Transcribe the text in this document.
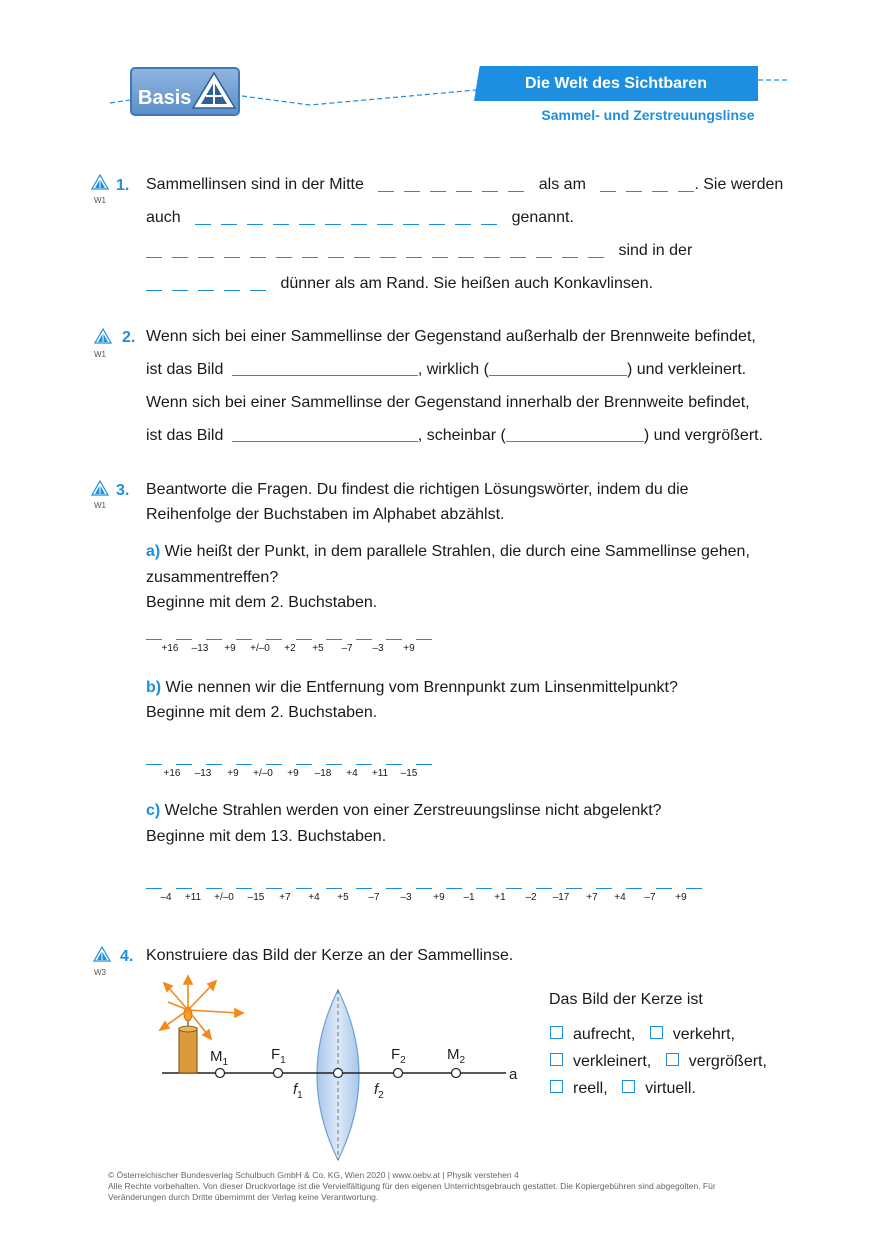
Basis
Die Welt des Sichtbaren
Sammel- und Zerstreuungslinse
W1
1. Sammellinsen sind in der Mitte	als am	. Sie werden
auch	genannt.
sind in der
dünner als am Rand. Sie heißen auch Konkavlinsen.
W1
2. Wenn sich bei einer Sammellinse der Gegenstand außerhalb der Brennweite befindet,
ist das Bild	, wirklich (	) und verkleinert.
Wenn sich bei einer Sammellinse der Gegenstand innerhalb der Brennweite befindet,
ist das Bild	, scheinbar (	) und vergrößert.
W1
3. Beantworte die Fragen. Du findest die richtigen Lösungswörter, indem du die
Reihenfolge der Buchstaben im Alphabet abzählst.
a) Wie heißt der Punkt, in dem parallele Strahlen, die durch eine Sammellinse gehen,
zusammentreffen?
Beginne mit dem 2. Buchstaben.
+16 –13 +9 +/–0 +2 +5 –7 –3 +9
b) Wie nennen wir die Entfernung vom Brennpunkt zum Linsenmittelpunkt?
Beginne mit dem 2. Buchstaben.
+16 –13 +9 +/–0 +9 –18 +4 +11 –15
c) Welche Strahlen werden von einer Zerstreuungslinse nicht abgelenkt?
Beginne mit dem 13. Buchstaben.
–4 +11 +/–0 –15 +7 +4 +5 –7 –3 +9 –1 +1 –2 –17 +7 +4 –7 +9
W3
4. Konstruiere das Bild der Kerze an der Sammellinse.
$M_1$	$F_1$	$F_2$	$M_2$
$f_1$	$f_2$
a
Das Bild der Kerze ist
aufrecht, verkehrt,
verkleinert, vergrößert,
reell, virtuell.
© Österreichischer Bundesverlag Schulbuch GmbH & Co. KG, Wien 2020 | www.oebv.at | Physik verstehen 4
Alle Rechte vorbehalten. Von dieser Druckvorlage ist die Vervielfältigung für den eigenen Unterrichtsgebrauch gestattet. Die Kopiergebühren sind abgegolten. Für
Veränderungen durch Dritte übernimmt der Verlag keine Verantwortung.
